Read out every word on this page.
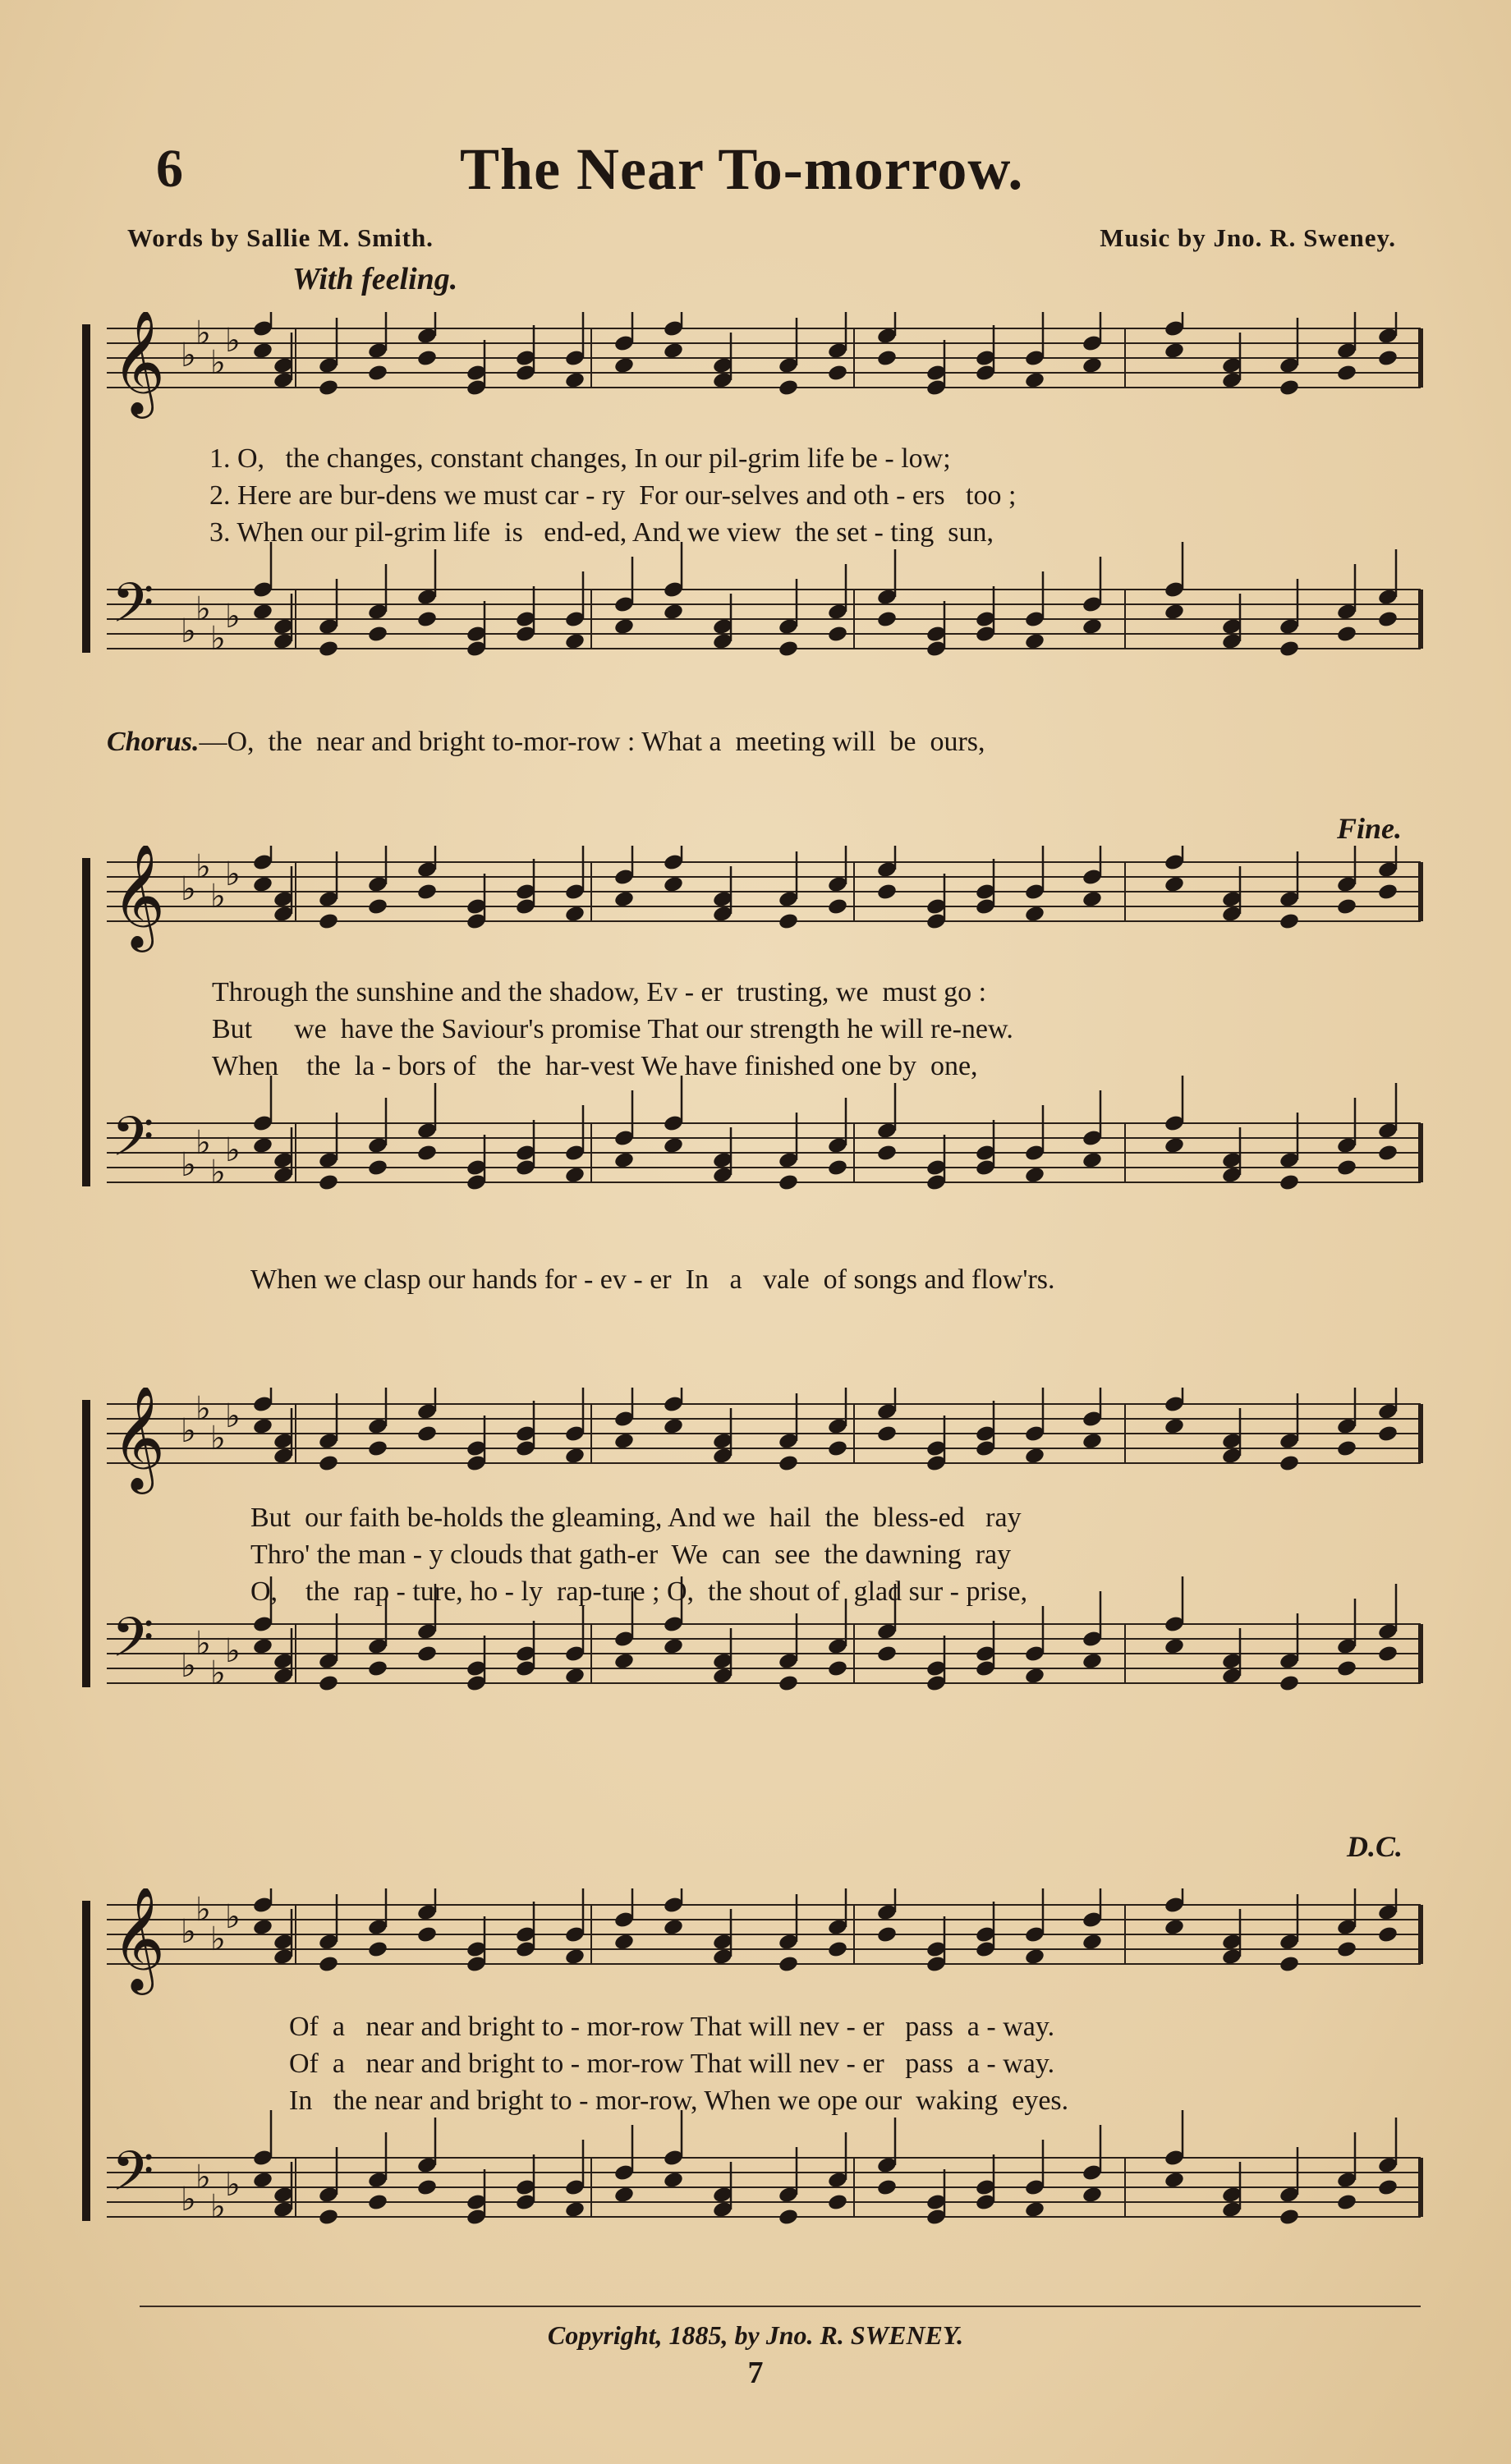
6	The Near To-morrow.
Words by Sallie M. Smith.	Music by Jno. R. Sweney.
With feeling.
𝄞 ♭
♭
♭
♭
𝄢 ♭
♭
♭
♭
1. O,   the changes, constant changes, In our pil-grim life be - low;
2. Here are bur-dens we must car - ry  For our-selves and oth - ers   too ;
3. When our pil-grim life  is   end-ed, And we view  the set - ting  sun,
Chorus.—O,  the  near and bright to-mor-row : What a  meeting will  be  ours,
Fine.
𝄞 ♭
♭
♭
♭
𝄢 ♭
♭
♭
♭
Through the sunshine and the shadow, Ev - er  trusting, we  must go :
But      we  have the Saviour's promise That our strength he will re-new.
When    the  la - bors of   the  har-vest We have finished one by  one,
When we clasp our hands for - ev - er  In   a   vale  of songs and flow'rs.
𝄞 ♭
♭
♭
♭
𝄢 ♭
♭
♭
♭
But  our faith be-holds the gleaming, And we  hail  the  bless-ed   ray
Thro' the man - y clouds that gath-er  We  can  see  the dawning  ray
O,    the  rap - ture, ho - ly  rap-ture ; O,  the shout of  glad sur - prise,
D.C.
𝄞 ♭
♭
♭
♭
𝄢 ♭
♭
♭
♭
Of  a   near and bright to - mor-row That will nev - er   pass  a - way.
Of  a   near and bright to - mor-row That will nev - er   pass  a - way.
In   the near and bright to - mor-row, When we ope our  waking  eyes.
Copyright, 1885, by Jno. R. SWENEY.
7
